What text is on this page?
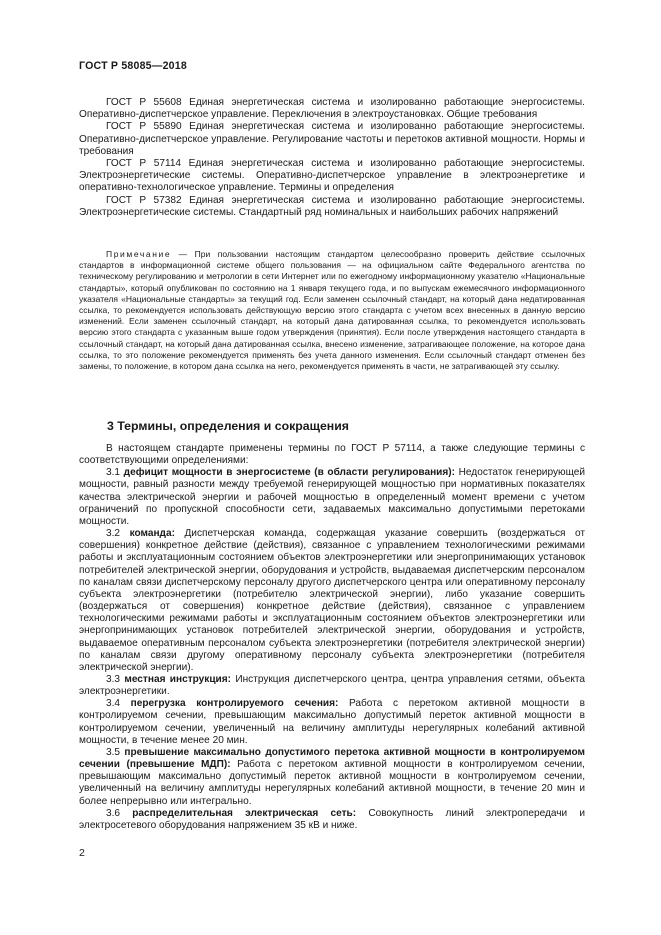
ГОСТ Р 58085—2018

ГОСТ Р 55608 Единая энергетическая система и изолированно работающие энергосистемы. Оперативно-диспетчерское управление. Переключения в электроустановках. Общие требования

ГОСТ Р 55890 Единая энергетическая система и изолированно работающие энергосистемы. Оперативно-диспетчерское управление. Регулирование частоты и перетоков активной мощности. Нормы и требования

ГОСТ Р 57114 Единая энергетическая система и изолированно работающие энергосистемы. Электроэнергетические системы. Оперативно-диспетчерское управление в электроэнергетике и оперативно-технологическое управление. Термины и определения

ГОСТ Р 57382 Единая энергетическая система и изолированно работающие энергосистемы. Электроэнергетические системы. Стандартный ряд номинальных и наибольших рабочих напряжений

Примечание — При пользовании настоящим стандартом целесообразно проверить действие ссылочных стандартов в информационной системе общего пользования — на официальном сайте Федерального агентства по техническому регулированию и метрологии в сети Интернет или по ежегодному информационному указателю «Национальные стандарты», который опубликован по состоянию на 1 января текущего года, и по выпускам ежемесячного информационного указателя «Национальные стандарты» за текущий год. Если заменен ссылочный стандарт, на который дана недатированная ссылка, то рекомендуется использовать действующую версию этого стандарта с учетом всех внесенных в данную версию изменений. Если заменен ссылочный стандарт, на который дана датированная ссылка, то рекомендуется использовать версию этого стандарта с указанным выше годом утверждения (принятия). Если после утверждения настоящего стандарта в ссылочный стандарт, на который дана датированная ссылка, внесено изменение, затрагивающее положение, на которое дана ссылка, то это положение рекомендуется применять без учета данного изменения. Если ссылочный стандарт отменен без замены, то положение, в котором дана ссылка на него, рекомендуется применять в части, не затрагивающей эту ссылку.

3 Термины, определения и сокращения

В настоящем стандарте применены термины по ГОСТ Р 57114, а также следующие термины с соответствующими определениями:

3.1 дефицит мощности в энергосистеме (в области регулирования): Недостаток генерирующей мощности, равный разности между требуемой генерирующей мощностью при нормативных показателях качества электрической энергии и рабочей мощностью в определенный момент времени с учетом ограничений по пропускной способности сети, задаваемых максимально допустимыми перетоками мощности.

3.2 команда: Диспетчерская команда, содержащая указание совершить (воздержаться от совершения) конкретное действие (действия), связанное с управлением технологическими режимами работы и эксплуатационным состоянием объектов электроэнергетики или энергопринимающих установок потребителей электрической энергии, оборудования и устройств, выдаваемая диспетчерским персоналом по каналам связи диспетчерскому персоналу другого диспетчерского центра или оперативному персоналу субъекта электроэнергетики (потребителю электрической энергии), либо указание совершить (воздержаться от совершения) конкретное действие (действия), связанное с управлением технологическими режимами работы и эксплуатационным состоянием объектов электроэнергетики или энергопринимающих установок потребителей электрической энергии, оборудования и устройств, выдаваемое оперативным персоналом субъекта электроэнергетики (потребителя электрической энергии) по каналам связи другому оперативному персоналу субъекта электроэнергетики (потребителя электрической энергии).

3.3 местная инструкция: Инструкция диспетчерского центра, центра управления сетями, объекта электроэнергетики.

3.4 перегрузка контролируемого сечения: Работа с перетоком активной мощности в контролируемом сечении, превышающим максимально допустимый переток активной мощности в контролируемом сечении, увеличенный на величину амплитуды нерегулярных колебаний активной мощности, в течение менее 20 мин.

3.5 превышение максимально допустимого перетока активной мощности в контролируемом сечении (превышение МДП): Работа с перетоком активной мощности в контролируемом сечении, превышающим максимально допустимый переток активной мощности в контролируемом сечении, увеличенный на величину амплитуды нерегулярных колебаний активной мощности, в течение 20 мин и более непрерывно или интегрально.

3.6 распределительная электрическая сеть: Совокупность линий электропередачи и электросетевого оборудования напряжением 35 кВ и ниже.

2
